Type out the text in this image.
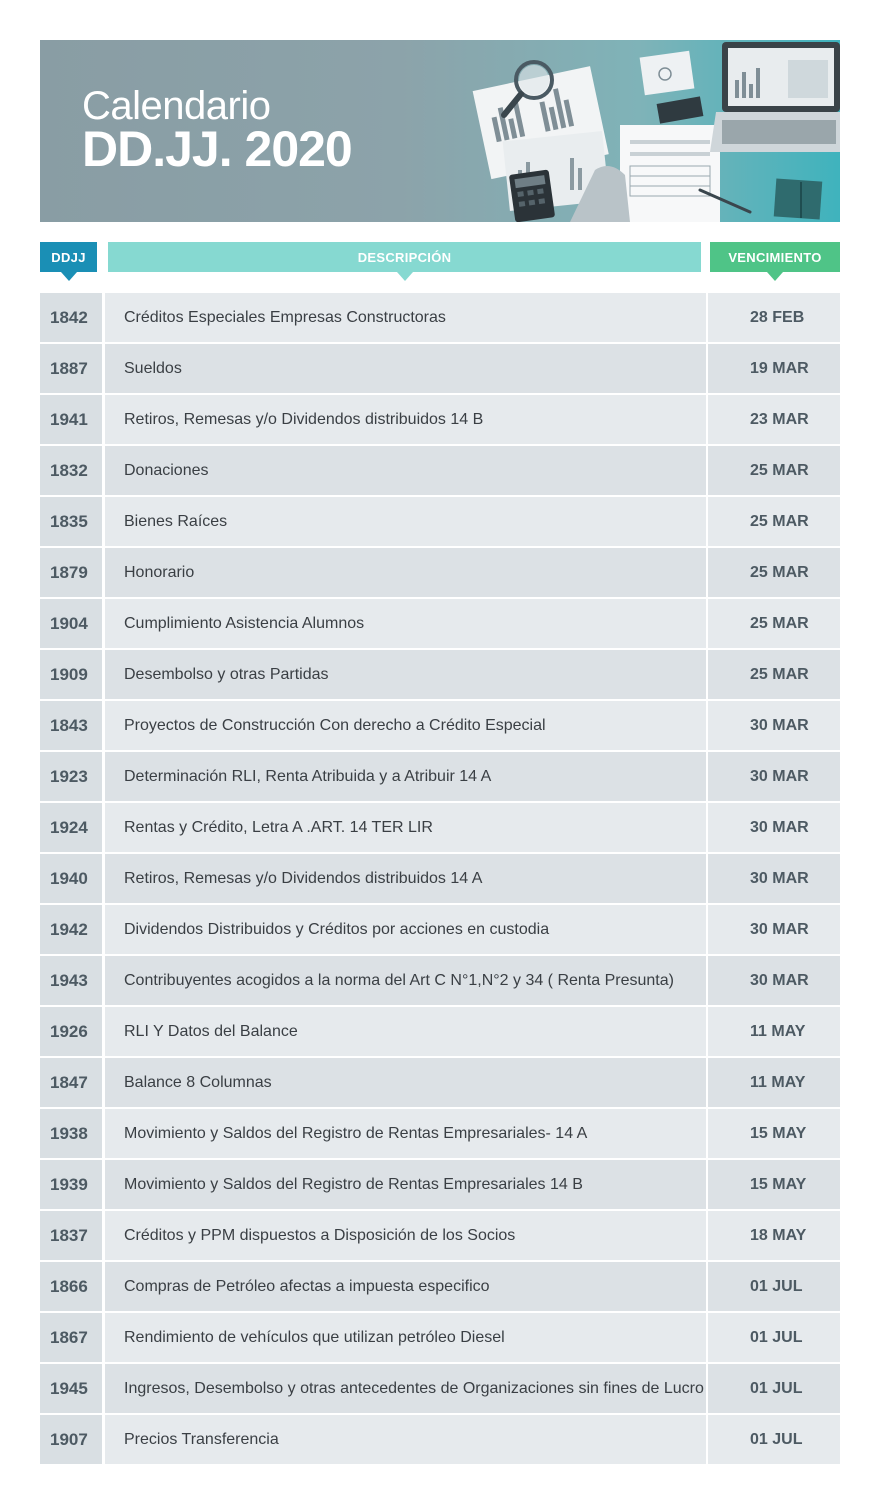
Calendario
DD.JJ. 2020
DDJJ	DESCRIPCIÓN	VENCIMIENTO
1842	Créditos Especiales Empresas Constructoras	28 FEB
1887	Sueldos	19 MAR
1941	Retiros, Remesas y/o Dividendos distribuidos 14 B	23 MAR
1832	Donaciones	25 MAR
1835	Bienes Raíces	25 MAR
1879	Honorario	25 MAR
1904	Cumplimiento Asistencia Alumnos	25 MAR
1909	Desembolso y otras Partidas	25 MAR
1843	Proyectos de Construcción Con derecho a Crédito Especial	30 MAR
1923	Determinación RLI, Renta Atribuida y a Atribuir 14 A	30 MAR
1924	Rentas y Crédito, Letra A .ART. 14 TER LIR	30 MAR
1940	Retiros, Remesas y/o Dividendos distribuidos 14 A	30 MAR
1942	Dividendos Distribuidos y Créditos por acciones en custodia	30 MAR
1943	Contribuyentes acogidos a la norma del Art C N°1,N°2 y 34 ( Renta Presunta)	30 MAR
1926	RLI Y Datos del Balance	11 MAY
1847	Balance 8 Columnas	11 MAY
1938	Movimiento y Saldos del Registro de Rentas Empresariales- 14 A	15 MAY
1939	Movimiento y Saldos del Registro de Rentas Empresariales 14 B	15 MAY
1837	Créditos y PPM dispuestos a Disposición de los Socios	18 MAY
1866	Compras de Petróleo afectas a impuesta especifico	01 JUL
1867	Rendimiento de vehículos que utilizan petróleo Diesel	01 JUL
1945	Ingresos, Desembolso y otras antecedentes de Organizaciones sin fines de Lucro	01 JUL
1907	Precios Transferencia	01 JUL
